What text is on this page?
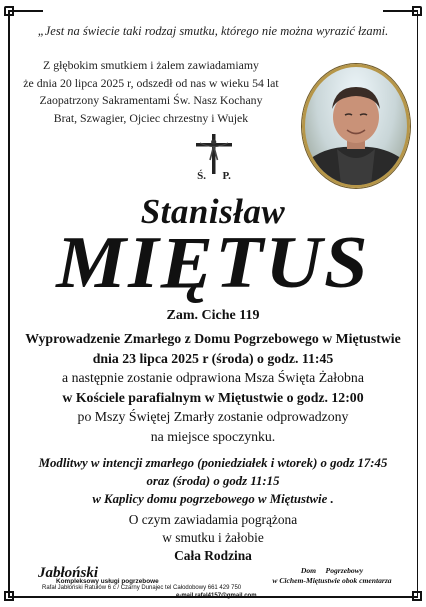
„Jest na świecie taki rodzaj smutku, którego nie można wyrazić łzami.
Z głębokim smutkiem i żalem zawiadamiamy
że dnia 20 lipca 2025 r, odszedł od nas w wieku 54 lat
Zaopatrzony Sakramentami Św. Nasz Kochany
Brat, Szwagier, Ojciec chrzestny i Wujek
Ś.      P.
Stanisław
MIĘTUS
Zam. Ciche 119
Wyprowadzenie Zmarłego z Domu Pogrzebowego w Miętustwie
dnia 23 lipca 2025 r (środa) o godz. 11:45
a następnie zostanie odprawiona Msza Święta Żałobna
w Kościele parafialnym w Miętustwie o godz. 12:00
po Mszy Świętej Zmarły zostanie odprowadzony
na miejsce spoczynku.
Modlitwy w intencji zmarłego (poniedziałek i wtorek) o godz 17:45
oraz (środa) o godz 11:15
w Kaplicy domu pogrzebowego w Miętustwie .
O czym zawiadamia pogrążona
w smutku i żałobie
Cała Rodzina
Jabłoński
Kompleksowy usługi pogrzebowe
Rafał Jabłoński Ratułów 6 c / Czarny Dunajec tel Całodobowy 661 429 750
e-mail rafal4157@gmail.com
Dom     Pogrzebowy
w Cichem-Miętustwie obok cmentarza
